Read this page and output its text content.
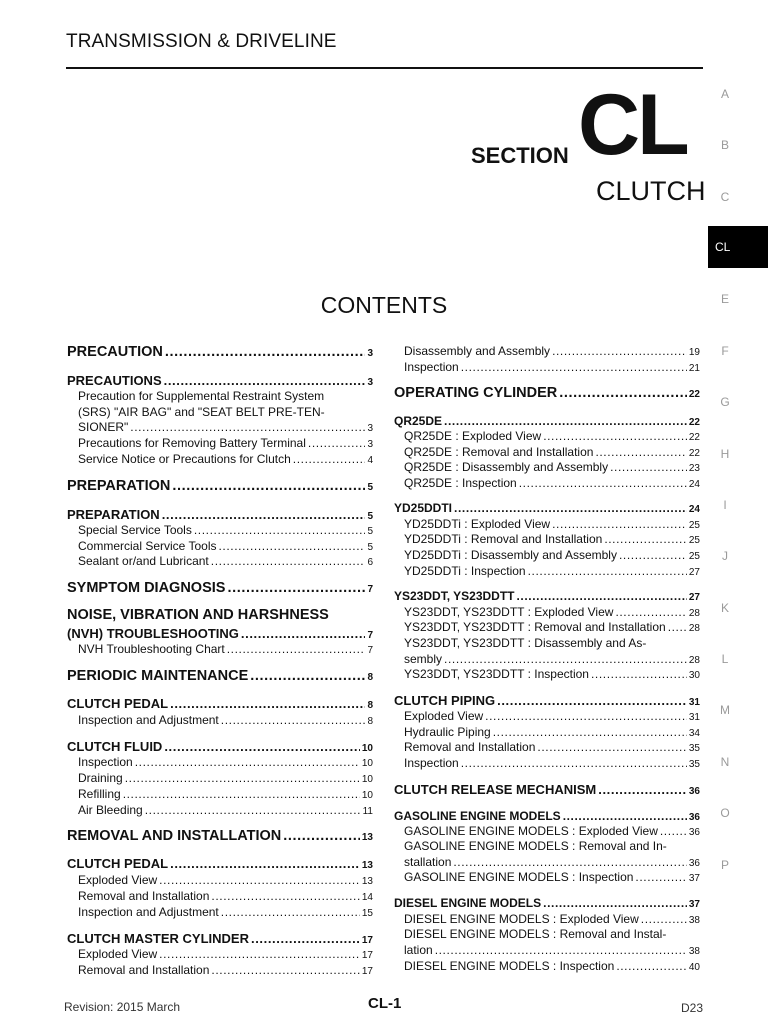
TRANSMISSION & DRIVELINE
SECTION CL
CLUTCH
A
B
C
CL
E
F
G
H
I
J
K
L
M
N
O
P
CONTENTS
PRECAUTION .....	3
PRECAUTIONS .....	3
Precaution for Supplemental Restraint System
(SRS) "AIR BAG" and "SEAT BELT PRE-TEN-
SIONER" .....	3
Precautions for Removing Battery Terminal .....	3
Service Notice or Precautions for Clutch .....	4
PREPARATION .....	5
PREPARATION .....	5
Special Service Tools .....	5
Commercial Service Tools .....	5
Sealant or/and Lubricant .....	6
SYMPTOM DIAGNOSIS .....	7
NOISE, VIBRATION AND HARSHNESS
(NVH) TROUBLESHOOTING .....	7
NVH Troubleshooting Chart .....	7
PERIODIC MAINTENANCE .....	8
CLUTCH PEDAL .....	8
Inspection and Adjustment .....	8
CLUTCH FLUID .....	10
Inspection .....	10
Draining .....	10
Refilling .....	10
Air Bleeding .....	11
REMOVAL AND INSTALLATION .....	13
CLUTCH PEDAL .....	13
Exploded View .....	13
Removal and Installation .....	14
Inspection and Adjustment .....	15
CLUTCH MASTER CYLINDER .....	17
Exploded View .....	17
Removal and Installation .....	17
Disassembly and Assembly .....	19
Inspection .....	21
OPERATING CYLINDER .....	22
QR25DE .....	22
QR25DE : Exploded View .....	22
QR25DE : Removal and Installation .....	22
QR25DE : Disassembly and Assembly .....	23
QR25DE : Inspection .....	24
YD25DDTI .....	24
YD25DDTi : Exploded View .....	25
YD25DDTi : Removal and Installation .....	25
YD25DDTi : Disassembly and Assembly .....	25
YD25DDTi : Inspection .....	27
YS23DDT, YS23DDTT .....	27
YS23DDT, YS23DDTT : Exploded View .....	28
YS23DDT, YS23DDTT : Removal and Installation ..... 28
YS23DDT, YS23DDTT : Disassembly and As-
sembly .....	28
YS23DDT, YS23DDTT : Inspection .....	30
CLUTCH PIPING .....	31
Exploded View .....	31
Hydraulic Piping .....	34
Removal and Installation .....	35
Inspection .....	35
CLUTCH RELEASE MECHANISM .....	36
GASOLINE ENGINE MODELS .....	36
GASOLINE ENGINE MODELS : Exploded View .....	36
GASOLINE ENGINE MODELS : Removal and In-
stallation .....	36
GASOLINE ENGINE MODELS : Inspection .....	37
DIESEL ENGINE MODELS .....	37
DIESEL ENGINE MODELS : Exploded View .....	38
DIESEL ENGINE MODELS : Removal and Instal-
lation .....	38
DIESEL ENGINE MODELS : Inspection .....	40
Revision: 2015 March	CL-1	D23
